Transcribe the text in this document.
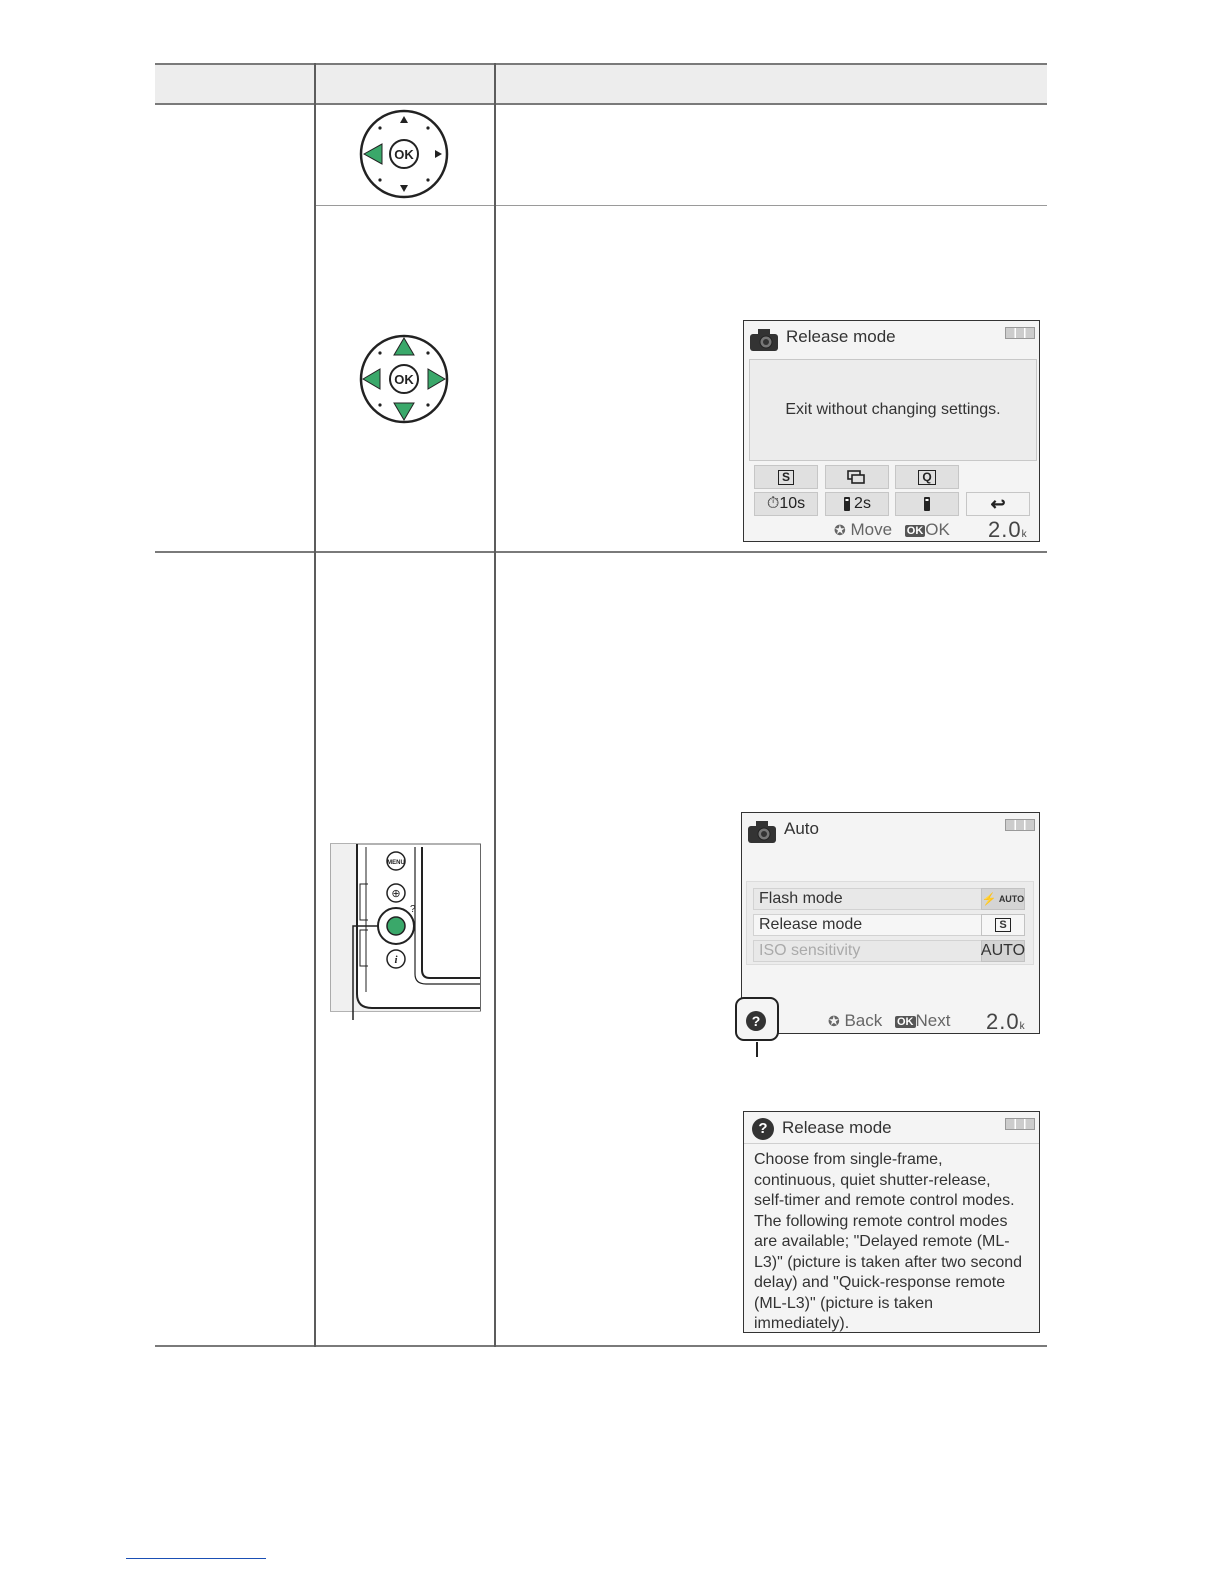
OK
OK
Release mode
Exit without changing settings.
S	Q
⏱10s	2s	↩
✪ Move OK OK 2.0k
MENU
⊕
?
i
Auto
Flash mode	⚡ AUTO
Release mode	S
ISO sensitivity	AUTO
?	✪ Back OK Next 2.0k
? Release mode
Choose from single-frame, continuous, quiet shutter-release, self-timer and remote control modes. The following remote control modes are available; "Delayed remote (ML-L3)" (picture is taken after two second delay) and "Quick-response remote (ML-L3)" (picture is taken immediately).
